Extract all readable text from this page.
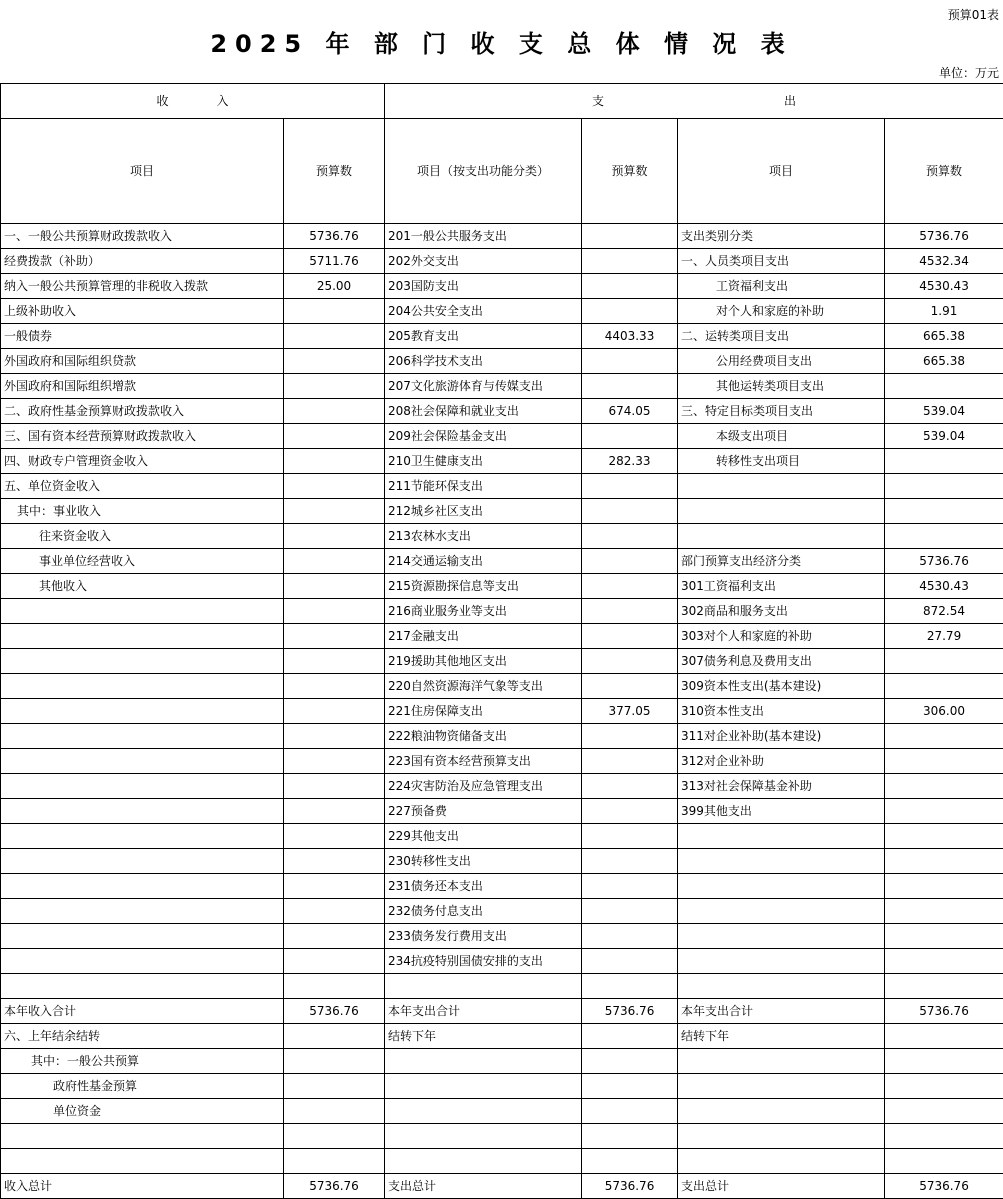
预算01表
2025 年 部 门 收 支 总 体 情 况 表
单位：万元
收　　　　入		支　　　　　　　　　　　　　　　出			
项目	预算数	项目（按支出功能分类）	预算数	项目	预算数
一、一般公共预算财政拨款收入	5736.76	201一般公共服务支出		支出类别分类	5736.76
经费拨款（补助）	5711.76	202外交支出		一、人员类项目支出	4532.34
纳入一般公共预算管理的非税收入拨款	25.00	203国防支出		工资福利支出	4530.43
上级补助收入		204公共安全支出		对个人和家庭的补助	1.91
一般债券		205教育支出	4403.33	二、运转类项目支出	665.38
外国政府和国际组织贷款		206科学技术支出		公用经费项目支出	665.38
外国政府和国际组织增款		207文化旅游体育与传媒支出		其他运转类项目支出	
二、政府性基金预算财政拨款收入		208社会保障和就业支出	674.05	三、特定目标类项目支出	539.04
三、国有资本经营预算财政拨款收入		209社会保险基金支出		本级支出项目	539.04
四、财政专户管理资金收入		210卫生健康支出	282.33	转移性支出项目	
五、单位资金收入		211节能环保支出			
其中：事业收入		212城乡社区支出			
往来资金收入		213农林水支出			
事业单位经营收入		214交通运输支出		部门预算支出经济分类	5736.76
其他收入		215资源勘探信息等支出		301工资福利支出	4530.43
		216商业服务业等支出		302商品和服务支出	872.54
		217金融支出		303对个人和家庭的补助	27.79
		219援助其他地区支出		307债务利息及费用支出	
		220自然资源海洋气象等支出		309资本性支出(基本建设)	
		221住房保障支出	377.05	310资本性支出	306.00
		222粮油物资储备支出		311对企业补助(基本建设)	
		223国有资本经营预算支出		312对企业补助	
		224灾害防治及应急管理支出		313对社会保障基金补助	
		227预备费		399其他支出	
		229其他支出			
		230转移性支出			
		231债务还本支出			
		232债务付息支出			
		233债务发行费用支出			
		234抗疫特别国债安排的支出			

本年收入合计	5736.76	本年支出合计	5736.76	本年支出合计	5736.76
六、上年结余结转		结转下年		结转下年	
其中：一般公共预算					
政府性基金预算					
单位资金					

收入总计	5736.76	支出总计	5736.76	支出总计	5736.76
